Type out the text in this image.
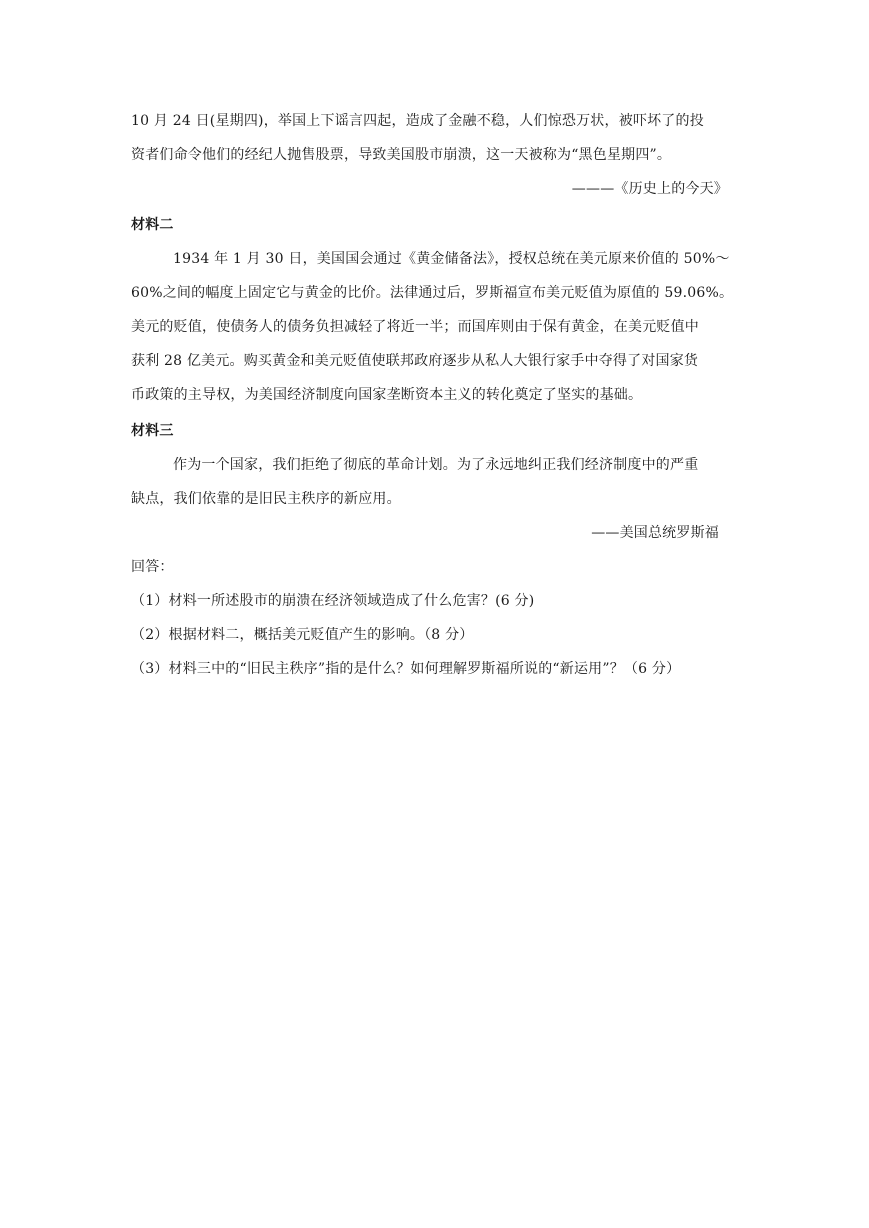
10 月 24 日(星期四)，举国上下谣言四起，造成了金融不稳，人们惊恐万状，被吓坏了的投
资者们命令他们的经纪人抛售股票，导致美国股市崩溃，这一天被称为“黑色星期四”。
———《历史上的今天》
材料二
1934 年 1 月 30 日，美国国会通过《黄金储备法》，授权总统在美元原来价值的 50%～
60%之间的幅度上固定它与黄金的比价。法律通过后，罗斯福宣布美元贬值为原值的 59.06%。
美元的贬值，使债务人的债务负担减轻了将近一半；而国库则由于保有黄金，在美元贬值中
获利 28 亿美元。购买黄金和美元贬值使联邦政府逐步从私人大银行家手中夺得了对国家货
币政策的主导权，为美国经济制度向国家垄断资本主义的转化奠定了坚实的基础。
材料三
作为一个国家，我们拒绝了彻底的革命计划。为了永远地纠正我们经济制度中的严重
缺点，我们依靠的是旧民主秩序的新应用。
——美国总统罗斯福
回答：
（1）材料一所述股市的崩溃在经济领域造成了什么危害？(6 分)
（2）根据材料二，概括美元贬值产生的影响。（8 分）
（3）材料三中的“旧民主秩序”指的是什么？如何理解罗斯福所说的“新运用”？（6 分）
